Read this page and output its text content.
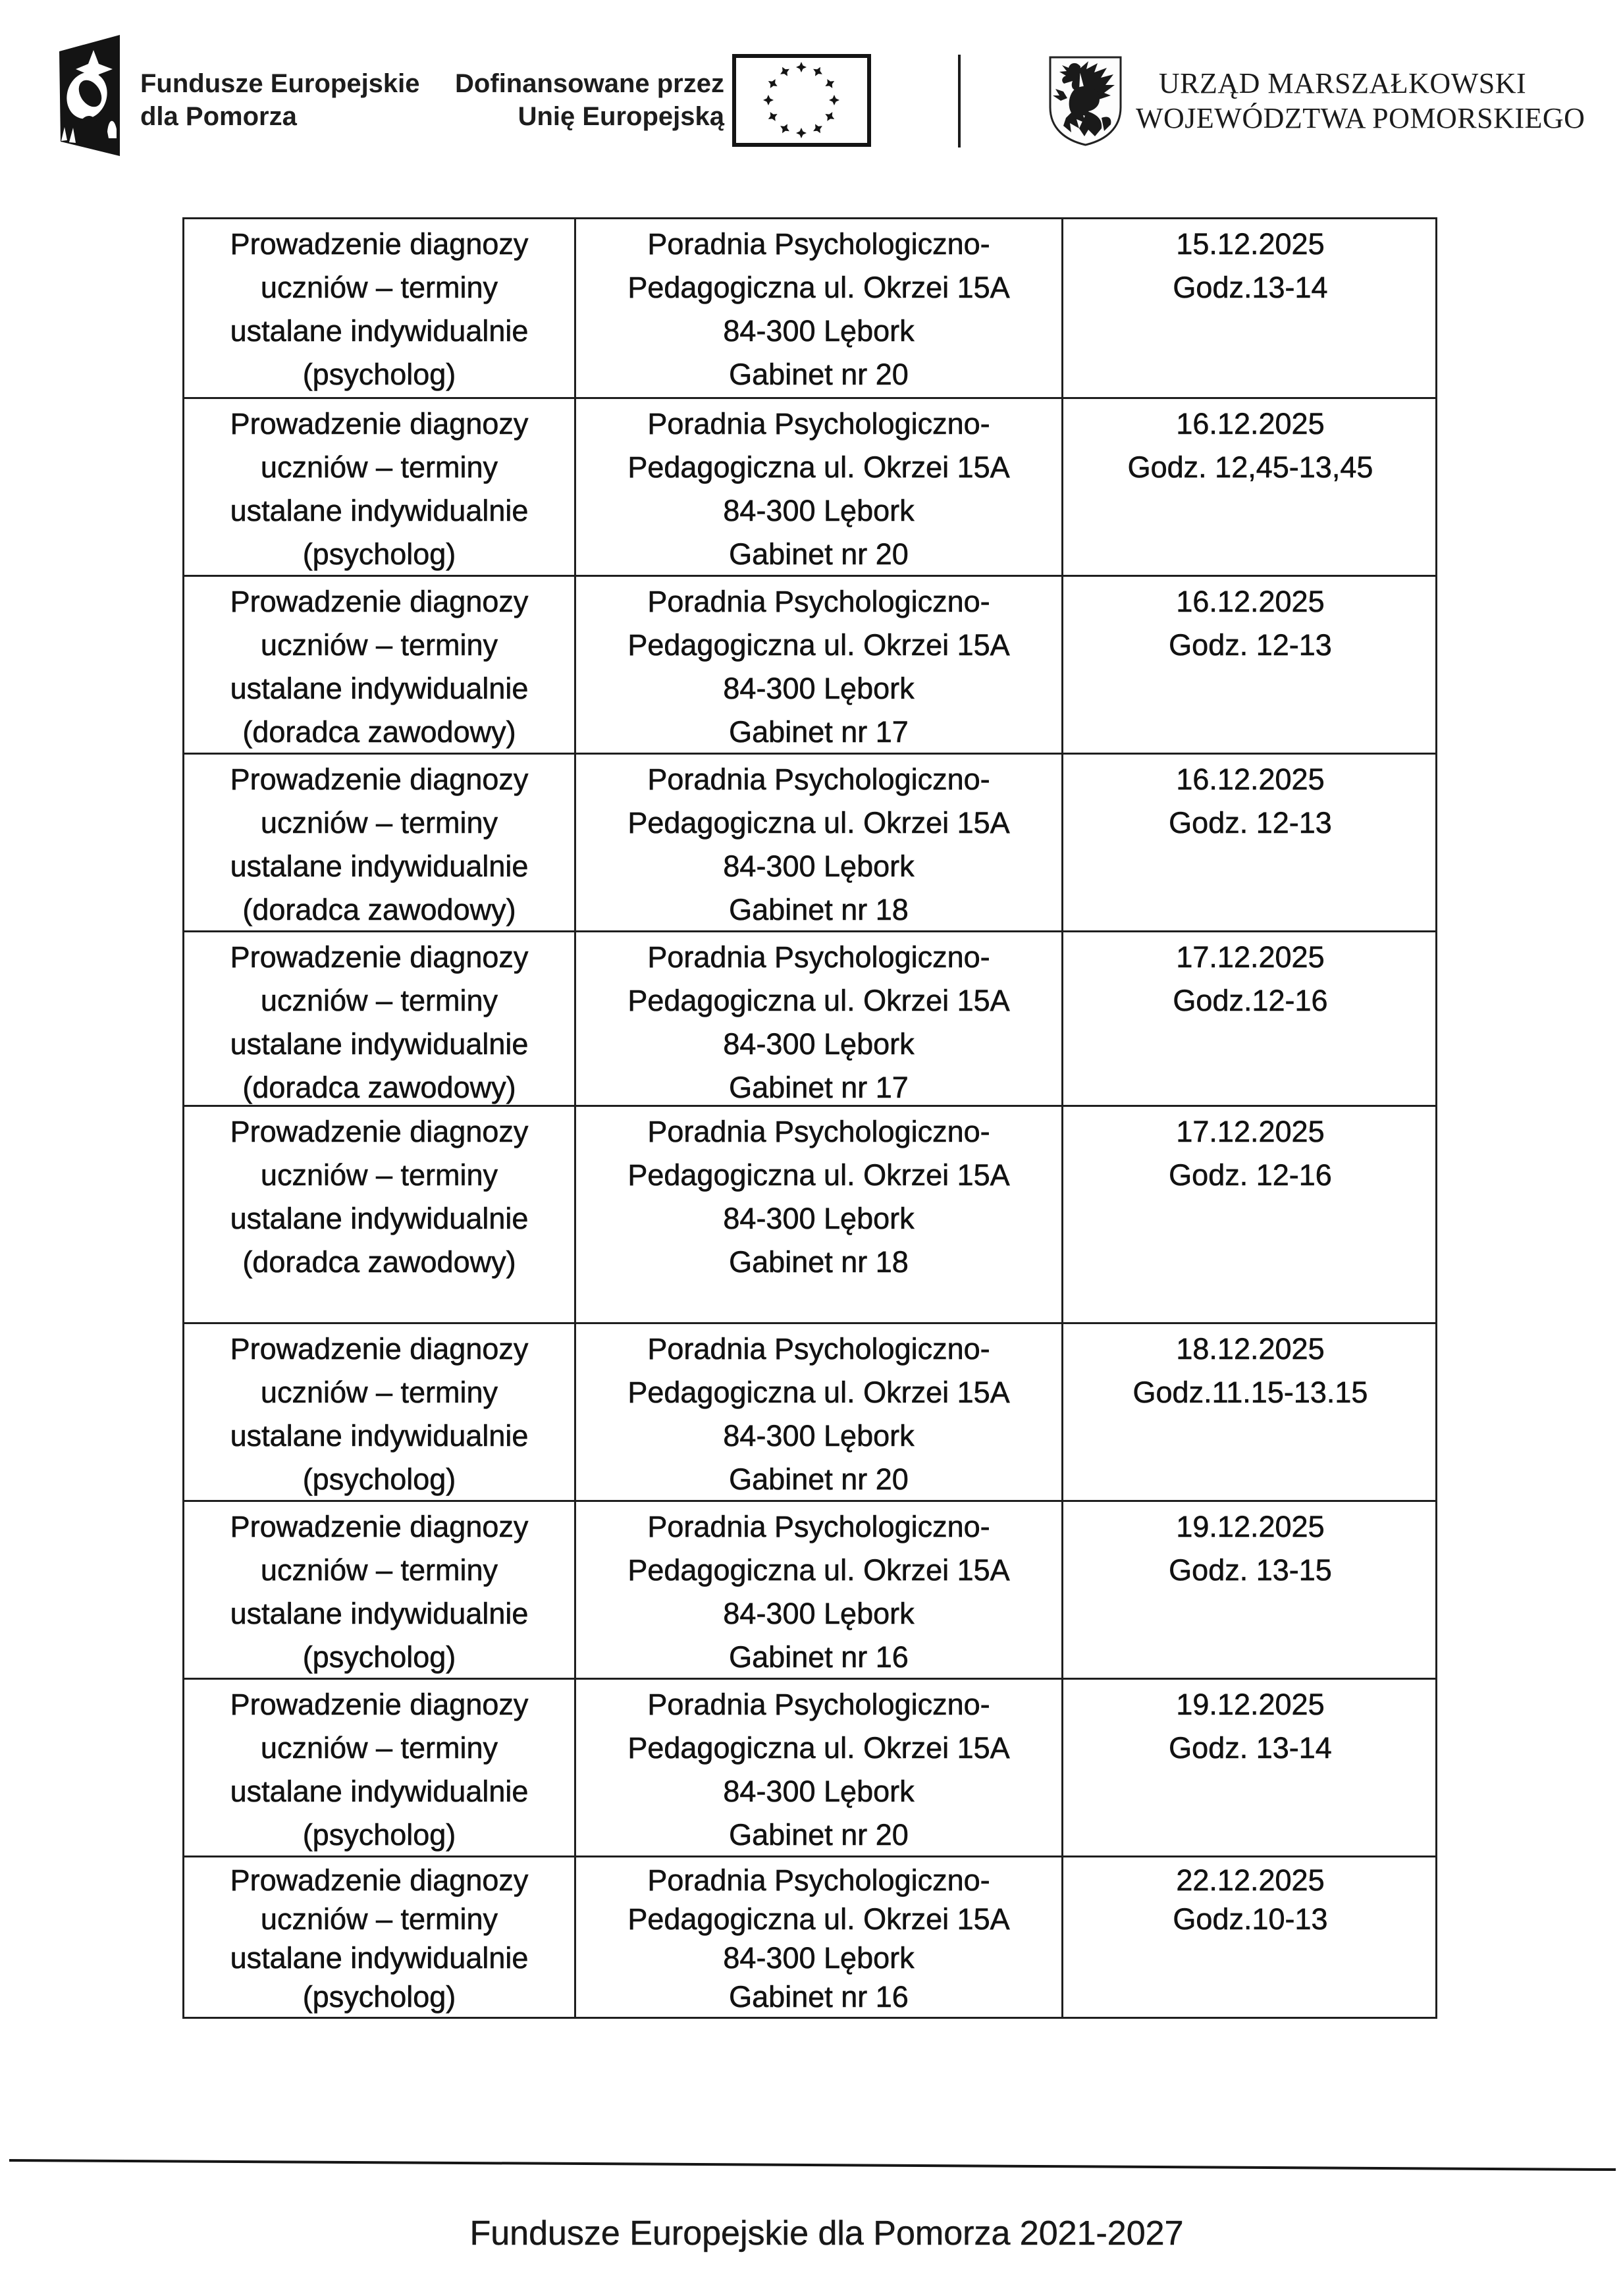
Fundusze Europejskie
dla Pomorza
Dofinansowane przez
Unię Europejską
URZĄD MARSZAŁKOWSKI
WOJEWÓDZTWA POMORSKIEGO
Prowadzenie diagnozy
uczniów – terminy
ustalane indywidualnie
(psycholog)
Poradnia Psychologiczno-
Pedagogiczna ul. Okrzei 15A
84-300 Lębork
Gabinet nr 20
15.12.2025
Godz.13-14
Prowadzenie diagnozy
uczniów – terminy
ustalane indywidualnie
(psycholog)
Poradnia Psychologiczno-
Pedagogiczna ul. Okrzei 15A
84-300 Lębork
Gabinet nr 20
16.12.2025
Godz. 12,45-13,45
Prowadzenie diagnozy
uczniów – terminy
ustalane indywidualnie
(doradca zawodowy)
Poradnia Psychologiczno-
Pedagogiczna ul. Okrzei 15A
84-300 Lębork
Gabinet nr 17
16.12.2025
Godz. 12-13
Prowadzenie diagnozy
uczniów – terminy
ustalane indywidualnie
(doradca zawodowy)
Poradnia Psychologiczno-
Pedagogiczna ul. Okrzei 15A
84-300 Lębork
Gabinet nr 18
16.12.2025
Godz. 12-13
Prowadzenie diagnozy
uczniów – terminy
ustalane indywidualnie
(doradca zawodowy)
Poradnia Psychologiczno-
Pedagogiczna ul. Okrzei 15A
84-300 Lębork
Gabinet nr 17
17.12.2025
Godz.12-16
Prowadzenie diagnozy
uczniów – terminy
ustalane indywidualnie
(doradca zawodowy)
Poradnia Psychologiczno-
Pedagogiczna ul. Okrzei 15A
84-300 Lębork
Gabinet nr 18
17.12.2025
Godz. 12-16
Prowadzenie diagnozy
uczniów – terminy
ustalane indywidualnie
(psycholog)
Poradnia Psychologiczno-
Pedagogiczna ul. Okrzei 15A
84-300 Lębork
Gabinet nr 20
18.12.2025
Godz.11.15-13.15
Prowadzenie diagnozy
uczniów – terminy
ustalane indywidualnie
(psycholog)
Poradnia Psychologiczno-
Pedagogiczna ul. Okrzei 15A
84-300 Lębork
Gabinet nr 16
19.12.2025
Godz. 13-15
Prowadzenie diagnozy
uczniów – terminy
ustalane indywidualnie
(psycholog)
Poradnia Psychologiczno-
Pedagogiczna ul. Okrzei 15A
84-300 Lębork
Gabinet nr 20
19.12.2025
Godz. 13-14
Prowadzenie diagnozy
uczniów – terminy
ustalane indywidualnie
(psycholog)
Poradnia Psychologiczno-
Pedagogiczna ul. Okrzei 15A
84-300 Lębork
Gabinet nr 16
22.12.2025
Godz.10-13
Fundusze Europejskie dla Pomorza 2021-2027
